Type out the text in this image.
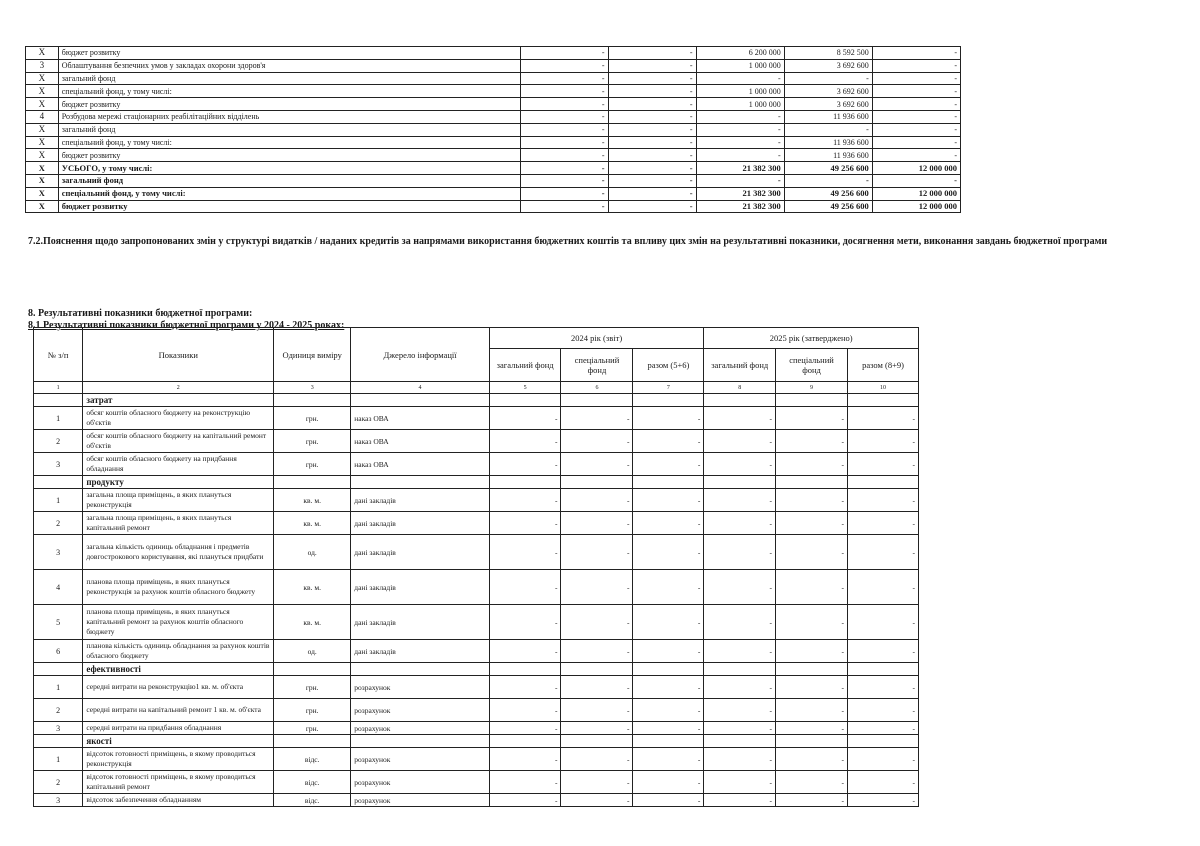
X	бюджет розвитку	-	-	6 200 000	8 592 500	-
3	Облаштування безпечних умов у закладах охорони здоров'я	-	-	1 000 000	3 692 600	-
X	загальний фонд	-	-	-	-	-
X	спеціальний фонд, у тому числі:	-	-	1 000 000	3 692 600	-
X	бюджет розвитку	-	-	1 000 000	3 692 600	-
4	Розбудова мережі стаціонарних реабілітаційних відділень	-	-	-	11 936 600	-
X	загальний фонд	-	-	-	-	-
X	спеціальний фонд, у тому числі:	-	-	-	11 936 600	-
X	бюджет розвитку	-	-	-	11 936 600	-
X	УСЬОГО, у тому числі:	-	-	21 382 300	49 256 600	12 000 000
X	загальний фонд	-	-	-	-	-
X	спеціальний фонд, у тому числі:	-	-	21 382 300	49 256 600	12 000 000
X	бюджет розвитку	-	-	21 382 300	49 256 600	12 000 000
7.2.Пояснення щодо запропонованих змін у структурі видатків / наданих кредитів за напрямами використання бюджетних коштів та впливу цих змін на результативні показники, досягнення мети, виконання завдань бюджетної програми
8. Результативні показники бюджетної програми:
8.1 Результативні показники бюджетної програми у 2024 - 2025 роках:
№ з/п	Показники	Одиниця виміру	Джерело інформації	2024 рік (звіт)			2025 рік (затверджено)		
				загальний фонд	спеціальний фонд	разом (5+6)	загальний фонд	спеціальний фонд	разом (8+9)
1	2	3	4	5	6	7	8	9	10
	затрат								
1	обсяг коштів обласного бюджету на реконструкцію об'єктів	грн.	наказ ОВА	-	-	-	-	-	-
2	обсяг коштів обласного бюджету на капітальний ремонт об'єктів	грн.	наказ ОВА	-	-	-	-	-	-
3	обсяг коштів обласного бюджету на придбання обладнання	грн.	наказ ОВА	-	-	-	-	-	-
	продукту								
1	загальна площа приміщень, в яких плануться реконструкція	кв. м.	дані закладів	-	-	-	-	-	-
2	загальна площа приміщень, в яких плануться капітальний ремонт	кв. м.	дані закладів	-	-	-	-	-	-
3	загальна кількість одиниць обладнання і предметів довгострокового користування, які плануться придбати	од.	дані закладів	-	-	-	-	-	-
4	планова площа приміщень, в яких плануться реконструкція за рахунок коштів обласного бюджету	кв. м.	дані закладів	-	-	-	-	-	-
5	планова площа приміщень, в яких плануться капітальний ремонт за рахунок коштів обласного бюджету	кв. м.	дані закладів	-	-	-	-	-	-
6	планова кількість одиниць обладнання за рахунок коштів обласного бюджету	од.	дані закладів	-	-	-	-	-	-
	ефективності								
1	середні витрати на реконструкцію1 кв. м. об'єкта	грн.	розрахунок	-	-	-	-	-	-
2	середні витрати на капітальний ремонт 1 кв. м. об'єкта	грн.	розрахунок	-	-	-	-	-	-
3	середні витрати на придбання обладнання	грн.	розрахунок	-	-	-	-	-	-
	якості								
1	відсоток готовності приміщень, в якому проводиться реконструкція	відс.	розрахунок	-	-	-	-	-	-
2	відсоток готовності приміщень, в якому проводиться капітальний ремонт	відс.	розрахунок	-	-	-	-	-	-
3	відсоток забезпечення обладнанням	відс.	розрахунок	-	-	-	-	-	-
